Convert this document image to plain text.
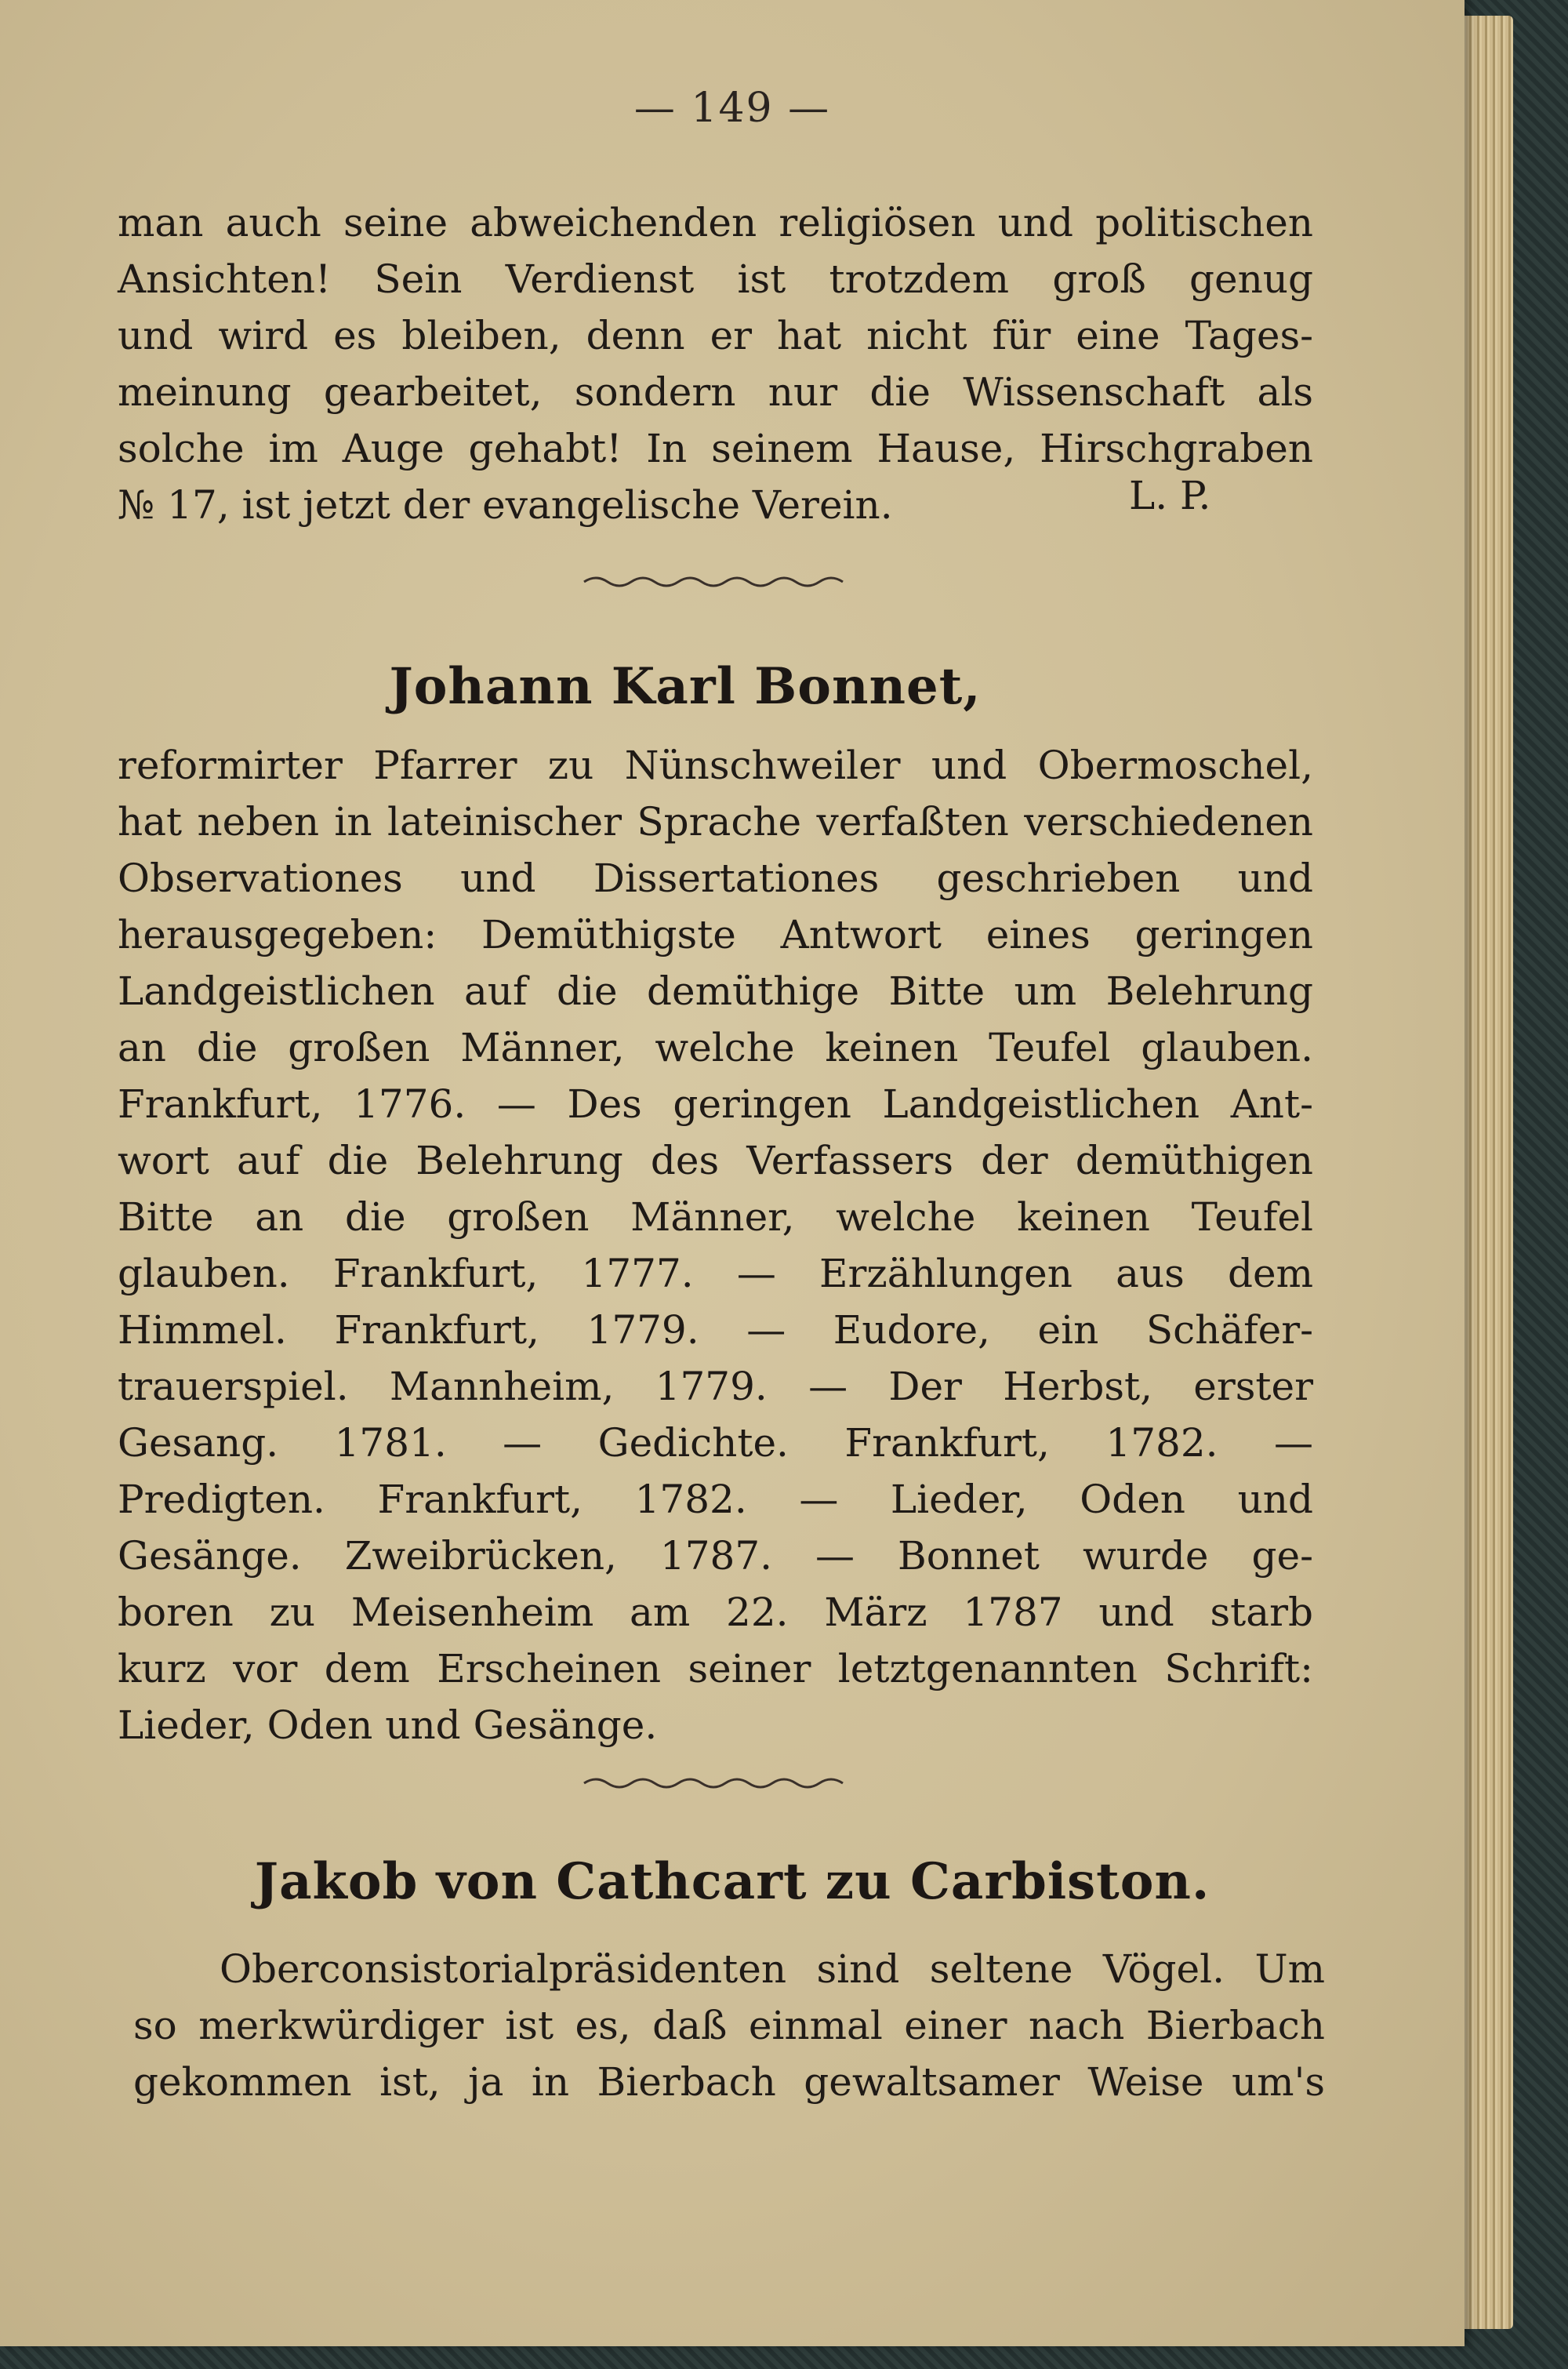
— 149 —
man auch seine abweichenden religiösen und politischen
Ansichten! Sein Verdienst ist trotzdem groß genug
und wird es bleiben, denn er hat nicht für eine Tages-
meinung gearbeitet, sondern nur die Wissenschaft als
solche im Auge gehabt! In seinem Hause, Hirschgraben
№ 17, ist jetzt der evangelische Verein.	L. P.
Johann Karl Bonnet,
reformirter Pfarrer zu Nünschweiler und Obermoschel,
hat neben in lateinischer Sprache verfaßten verschiedenen
Observationes und Dissertationes geschrieben und
herausgegeben: Demüthigste Antwort eines geringen
Landgeistlichen auf die demüthige Bitte um Belehrung
an die großen Männer, welche keinen Teufel glauben.
Frankfurt, 1776. — Des geringen Landgeistlichen Ant-
wort auf die Belehrung des Verfassers der demüthigen
Bitte an die großen Männer, welche keinen Teufel
glauben. Frankfurt, 1777. — Erzählungen aus dem
Himmel. Frankfurt, 1779. — Eudore, ein Schäfer-
trauerspiel. Mannheim, 1779. — Der Herbst, erster
Gesang. 1781. — Gedichte. Frankfurt, 1782. —
Predigten. Frankfurt, 1782. — Lieder, Oden und
Gesänge. Zweibrücken, 1787. — Bonnet wurde ge-
boren zu Meisenheim am 22. März 1787 und starb
kurz vor dem Erscheinen seiner letztgenannten Schrift:
Lieder, Oden und Gesänge.
Jakob von Cathcart zu Carbiston.
Oberconsistorialpräsidenten sind seltene Vögel. Um
so merkwürdiger ist es, daß einmal einer nach Bierbach
gekommen ist, ja in Bierbach gewaltsamer Weise um's
